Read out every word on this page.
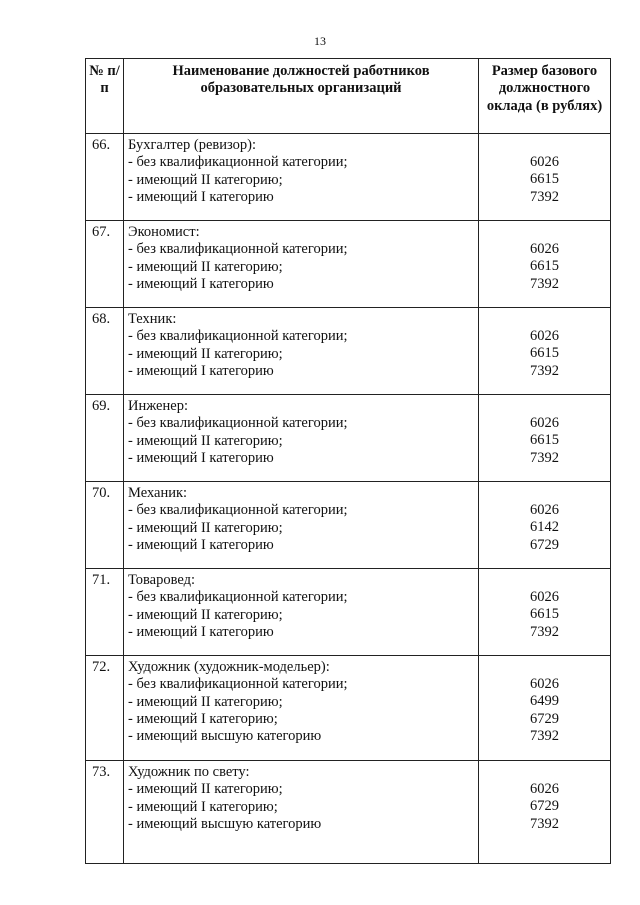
13
№ п/п	Наименование должностей работников образовательных организаций	Размер базового должностного оклада (в рублях)
66.	Бухгалтер (ревизор):
- без квалификационной категории;
- имеющий II категорию;
- имеющий I категорию	6026
6615
7392

67.	Экономист:
- без квалификационной категории;
- имеющий II категорию;
- имеющий I категорию	6026
6615
7392

68.	Техник:
- без квалификационной категории;
- имеющий II категорию;
- имеющий I категорию	6026
6615
7392

69.	Инженер:
- без квалификационной категории;
- имеющий II категорию;
- имеющий I категорию	6026
6615
7392

70.	Механик:
- без квалификационной категории;
- имеющий II категорию;
- имеющий I категорию	6026
6142
6729

71.	Товаровед:
- без квалификационной категории;
- имеющий II категорию;
- имеющий I категорию	6026
6615
7392

72.	Художник (художник-модельер):
- без квалификационной категории;
- имеющий II категорию;
- имеющий I категорию;
- имеющий высшую категорию	6026
6499
6729
7392

73.	Художник по свету:
- имеющий II категорию;
- имеющий I категорию;
- имеющий высшую категорию	6026
6729
7392
